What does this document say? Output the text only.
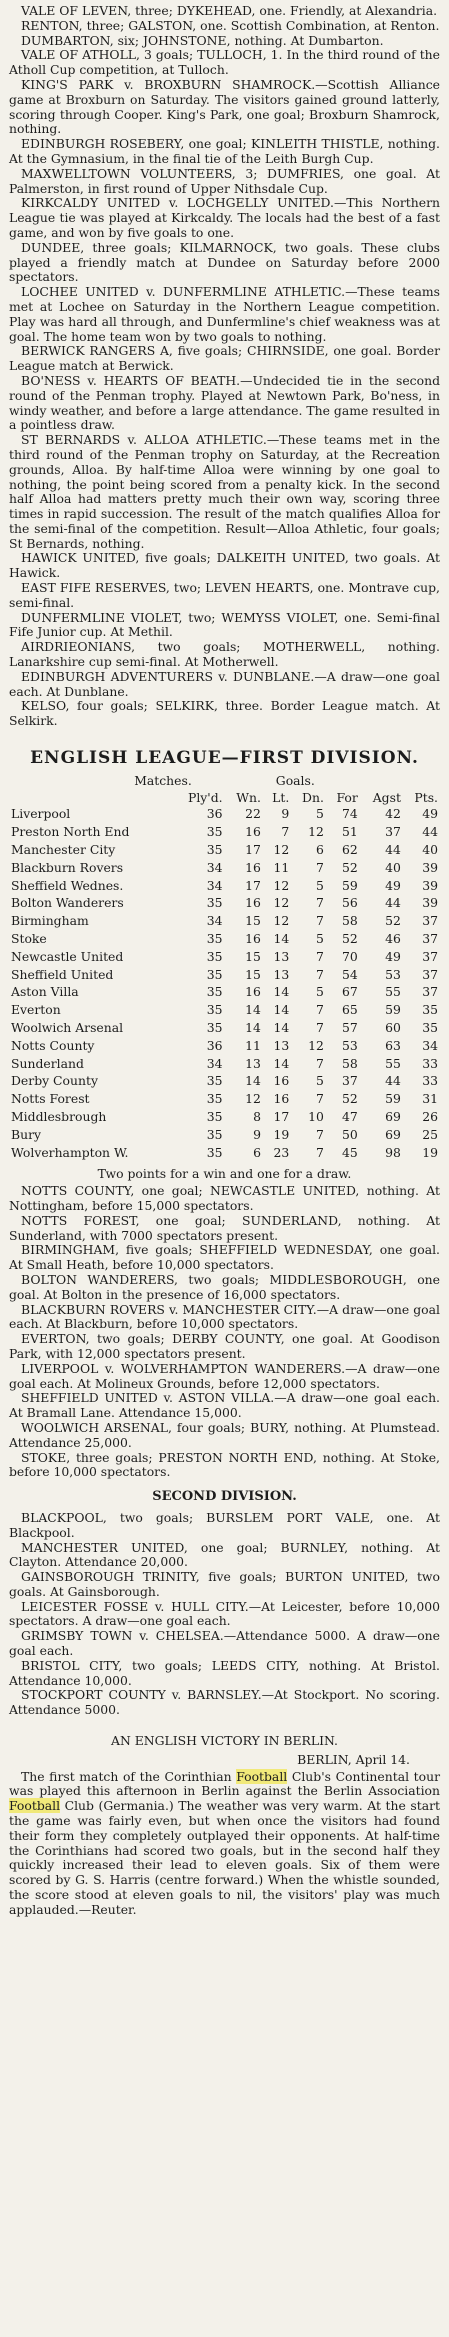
VALE OF LEVEN, three; DYKEHEAD, one. Friendly, at Alexandria.

RENTON, three; GALSTON, one. Scottish Combination, at Renton.

DUMBARTON, six; JOHNSTONE, nothing. At Dumbarton.

VALE OF ATHOLL, 3 goals; TULLOCH, 1. In the third round of the Atholl Cup competition, at Tulloch.

KING'S PARK v. BROXBURN SHAMROCK.—Scottish Alliance game at Broxburn on Saturday. The visitors gained ground latterly, scoring through Cooper. King's Park, one goal; Broxburn Shamrock, nothing.

EDINBURGH ROSEBERY, one goal; KINLEITH THISTLE, nothing. At the Gymnasium, in the final tie of the Leith Burgh Cup.

MAXWELLTOWN VOLUNTEERS, 3; DUMFRIES, one goal. At Palmerston, in first round of Upper Nithsdale Cup.

KIRKCALDY UNITED v. LOCHGELLY UNITED.—This Northern League tie was played at Kirkcaldy. The locals had the best of a fast game, and won by five goals to one.

DUNDEE, three goals; KILMARNOCK, two goals. These clubs played a friendly match at Dundee on Saturday before 2000 spectators.

LOCHEE UNITED v. DUNFERMLINE ATHLETIC.—These teams met at Lochee on Saturday in the Northern League competition. Play was hard all through, and Dunfermline's chief weakness was at goal. The home team won by two goals to nothing.

BERWICK RANGERS A, five goals; CHIRNSIDE, one goal. Border League match at Berwick.

BO'NESS v. HEARTS OF BEATH.—Undecided tie in the second round of the Penman trophy. Played at Newtown Park, Bo'ness, in windy weather, and before a large attendance. The game resulted in a pointless draw.

ST BERNARDS v. ALLOA ATHLETIC.—These teams met in the third round of the Penman trophy on Saturday, at the Recreation grounds, Alloa. By half-time Alloa were winning by one goal to nothing, the point being scored from a penalty kick. In the second half Alloa had matters pretty much their own way, scoring three times in rapid succession. The result of the match qualifies Alloa for the semi-final of the competition. Result—Alloa Athletic, four goals; St Bernards, nothing.

HAWICK UNITED, five goals; DALKEITH UNITED, two goals. At Hawick.

EAST FIFE RESERVES, two; LEVEN HEARTS, one. Montrave cup, semi-final.

DUNFERMLINE VIOLET, two; WEMYSS VIOLET, one. Semi-final Fife Junior cup. At Methil.

AIRDRIEONIANS, two goals; MOTHERWELL, nothing. Lanarkshire cup semi-final. At Motherwell.

EDINBURGH ADVENTURERS v. DUNBLANE.—A draw—one goal each. At Dunblane.

KELSO, four goals; SELKIRK, three. Border League match. At Selkirk.

ENGLISH LEAGUE—FIRST DIVISION.
Matches.	Goals.
	Ply'd.	Wn.	Lt.	Dn.	For	Agst	Pts.
Liverpool	36	22	9	5	74	42	49
Preston North End	35	16	7	12	51	37	44
Manchester City	35	17	12	6	62	44	40
Blackburn Rovers	34	16	11	7	52	40	39
Sheffield Wednes.	34	17	12	5	59	49	39
Bolton Wanderers	35	16	12	7	56	44	39
Birmingham	34	15	12	7	58	52	37
Stoke	35	16	14	5	52	46	37
Newcastle United	35	15	13	7	70	49	37
Sheffield United	35	15	13	7	54	53	37
Aston Villa	35	16	14	5	67	55	37
Everton	35	14	14	7	65	59	35
Woolwich Arsenal	35	14	14	7	57	60	35
Notts County	36	11	13	12	53	63	34
Sunderland	34	13	14	7	58	55	33
Derby County	35	14	16	5	37	44	33
Notts Forest	35	12	16	7	52	59	31
Middlesbrough	35	8	17	10	47	69	26
Bury	35	9	19	7	50	69	25
Wolverhampton W.	35	6	23	7	45	98	19
Two points for a win and one for a draw.

NOTTS COUNTY, one goal; NEWCASTLE UNITED, nothing. At Nottingham, before 15,000 spectators.

NOTTS FOREST, one goal; SUNDERLAND, nothing. At Sunderland, with 7000 spectators present.

BIRMINGHAM, five goals; SHEFFIELD WEDNESDAY, one goal. At Small Heath, before 10,000 spectators.

BOLTON WANDERERS, two goals; MIDDLESBOROUGH, one goal. At Bolton in the presence of 16,000 spectators.

BLACKBURN ROVERS v. MANCHESTER CITY.—A draw—one goal each. At Blackburn, before 10,000 spectators.

EVERTON, two goals; DERBY COUNTY, one goal. At Goodison Park, with 12,000 spectators present.

LIVERPOOL v. WOLVERHAMPTON WANDERERS.—A draw—one goal each. At Molineux Grounds, before 12,000 spectators.

SHEFFIELD UNITED v. ASTON VILLA.—A draw—one goal each. At Bramall Lane. Attendance 15,000.

WOOLWICH ARSENAL, four goals; BURY, nothing. At Plumstead. Attendance 25,000.

STOKE, three goals; PRESTON NORTH END, nothing. At Stoke, before 10,000 spectators.

SECOND DIVISION.

BLACKPOOL, two goals; BURSLEM PORT VALE, one. At Blackpool.

MANCHESTER UNITED, one goal; BURNLEY, nothing. At Clayton. Attendance 20,000.

GAINSBOROUGH TRINITY, five goals; BURTON UNITED, two goals. At Gainsborough.

LEICESTER FOSSE v. HULL CITY.—At Leicester, before 10,000 spectators. A draw—one goal each.

GRIMSBY TOWN v. CHELSEA.—Attendance 5000. A draw—one goal each.

BRISTOL CITY, two goals; LEEDS CITY, nothing. At Bristol. Attendance 10,000.

STOCKPORT COUNTY v. BARNSLEY.—At Stockport. No scoring. Attendance 5000.

AN ENGLISH VICTORY IN BERLIN.
BERLIN, April 14.

The first match of the Corinthian Football Club's Continental tour was played this afternoon in Berlin against the Berlin Association Football Club (Germania.) The weather was very warm. At the start the game was fairly even, but when once the visitors had found their form they completely outplayed their opponents. At half-time the Corinthians had scored two goals, but in the second half they quickly increased their lead to eleven goals. Six of them were scored by G. S. Harris (centre forward.) When the whistle sounded, the score stood at eleven goals to nil, the visitors' play was much applauded.—Reuter.
